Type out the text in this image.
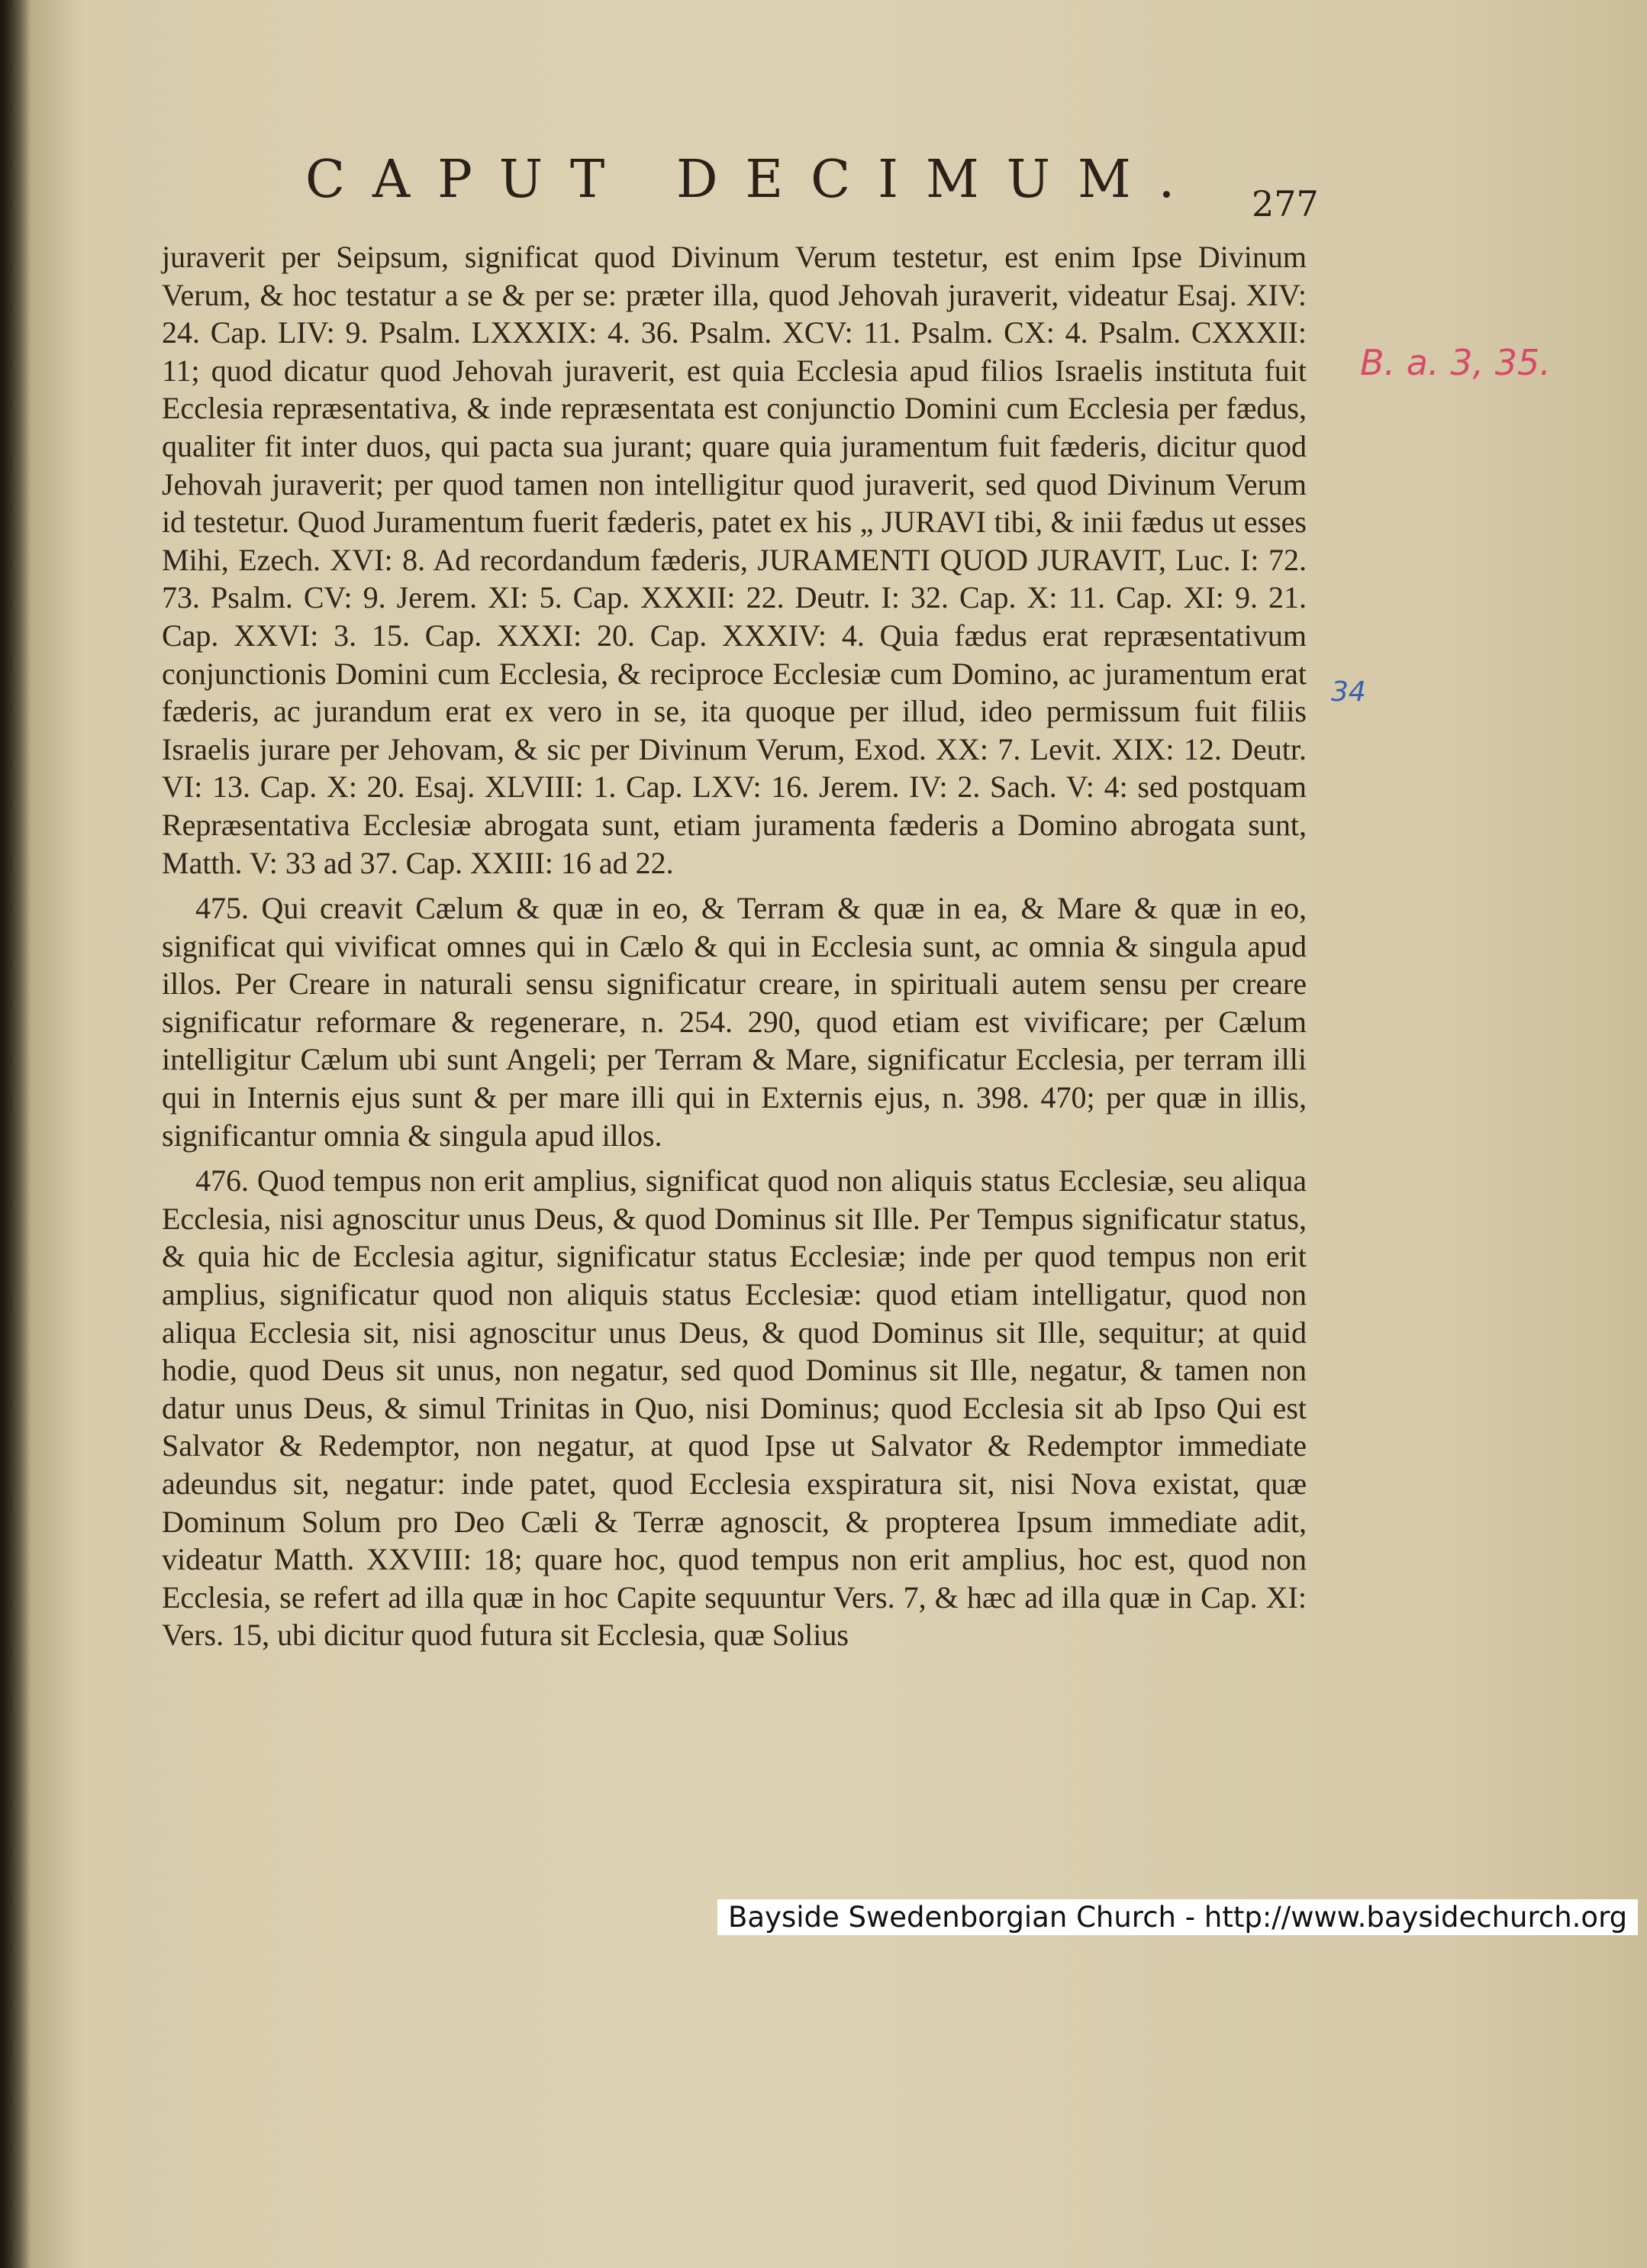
CAPUT DECIMUM.	277
B. a. 3, 35.
34

juraverit per Seipsum, significat quod Divinum Verum testetur, est enim Ipse Divinum Verum, & hoc testatur a se & per se: præter illa, quod Jehovah juraverit, videatur Esaj. XIV: 24. Cap. LIV: 9. Psalm. LXXXIX: 4. 36. Psalm. XCV: 11. Psalm. CX: 4. Psalm. CXXXII: 11; quod dicatur quod Jehovah juraverit, est quia Ecclesia apud filios Israelis instituta fuit Ecclesia repræsentativa, & inde repræsentata est conjunctio Domini cum Ecclesia per fædus, qualiter fit inter duos, qui pacta sua jurant; quare quia juramentum fuit fæderis, dicitur quod Jehovah juraverit; per quod tamen non intelligitur quod juraverit, sed quod Divinum Verum id testetur. Quod Juramentum fuerit fæderis, patet ex his „ JURAVI tibi, & inii fædus ut esses Mihi, Ezech. XVI: 8. Ad recordandum fæderis, JURAMENTI QUOD JURAVIT, Luc. I: 72. 73. Psalm. CV: 9. Jerem. XI: 5. Cap. XXXII: 22. Deutr. I: 32. Cap. X: 11. Cap. XI: 9. 21. Cap. XXVI: 3. 15. Cap. XXXI: 20. Cap. XXXIV: 4. Quia fædus erat repræsentativum conjunctionis Domini cum Ecclesia, & reciproce Ecclesiæ cum Domino, ac juramentum erat fæderis, ac jurandum erat ex vero in se, ita quoque per illud, ideo permissum fuit filiis Israelis jurare per Jehovam, & sic per Divinum Verum, Exod. XX: 7. Levit. XIX: 12. Deutr. VI: 13. Cap. X: 20. Esaj. XLVIII: 1. Cap. LXV: 16. Jerem. IV: 2. Sach. V: 4: sed postquam Repræsentativa Ecclesiæ abrogata sunt, etiam juramenta fæderis a Domino abrogata sunt, Matth. V: 33 ad 37. Cap. XXIII: 16 ad 22.

475. Qui creavit Cælum & quæ in eo, & Terram & quæ in ea, & Mare & quæ in eo, significat qui vivificat omnes qui in Cælo & qui in Ecclesia sunt, ac omnia & singula apud illos. Per Creare in naturali sensu significatur creare, in spirituali autem sensu per creare significatur reformare & regenerare, n. 254. 290, quod etiam est vivificare; per Cælum intelligitur Cælum ubi sunt Angeli; per Terram & Mare, significatur Ecclesia, per terram illi qui in Internis ejus sunt & per mare illi qui in Externis ejus, n. 398. 470; per quæ in illis, significantur omnia & singula apud illos.

476. Quod tempus non erit amplius, significat quod non aliquis status Ecclesiæ, seu aliqua Ecclesia, nisi agnoscitur unus Deus, & quod Dominus sit Ille. Per Tempus significatur status, & quia hic de Ecclesia agitur, significatur status Ecclesiæ; inde per quod tempus non erit amplius, significatur quod non aliquis status Ecclesiæ: quod etiam intelligatur, quod non aliqua Ecclesia sit, nisi agnoscitur unus Deus, & quod Dominus sit Ille, sequitur; at quid hodie, quod Deus sit unus, non negatur, sed quod Dominus sit Ille, negatur, & tamen non datur unus Deus, & simul Trinitas in Quo, nisi Dominus; quod Ecclesia sit ab Ipso Qui est Salvator & Redemptor, non negatur, at quod Ipse ut Salvator & Redemptor immediate adeundus sit, negatur: inde patet, quod Ecclesia exspiratura sit, nisi Nova existat, quæ Dominum Solum pro Deo Cæli & Terræ agnoscit, & propterea Ipsum immediate adit, videatur Matth. XXVIII: 18; quare hoc, quod tempus non erit amplius, hoc est, quod non Ecclesia, se refert ad illa quæ in hoc Capite sequuntur Vers. 7, & hæc ad illa quæ in Cap. XI: Vers. 15, ubi dicitur quod futura sit Ecclesia, quæ Solius

Bayside Swedenborgian Church - http://www.baysidechurch.org
